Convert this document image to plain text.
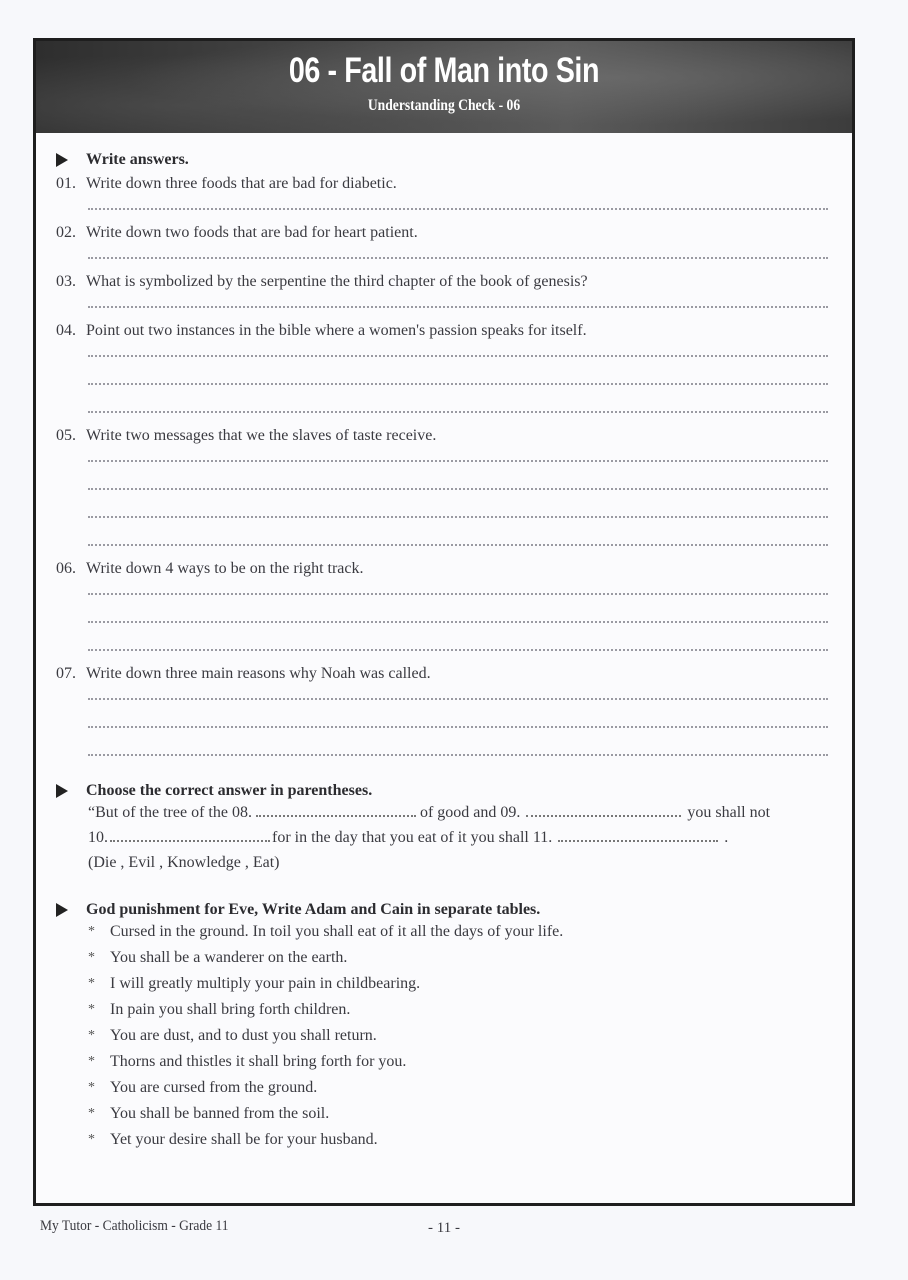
06 - Fall of Man into Sin
Understanding Check - 06
Write answers.
01. Write down three foods that are bad for diabetic.
02. Write down two foods that are bad for heart patient.
03. What is symbolized by the serpentine the third chapter of the book of genesis?
04. Point out two instances in the bible where a women's passion speaks for itself.
05. Write two messages that we the slaves of taste receive.
06. Write down 4 ways to be on the right track.
07. Write down three main reasons why Noah was called.
Choose the correct answer in parentheses.
“But of the tree of the 08.	of good and 09.	you shall not
10.	for in the day that you eat of it you shall 11.	.
(Die , Evil , Knowledge , Eat)
God punishment for Eve, Write Adam and Cain in separate tables.
* Cursed in the ground. In toil you shall eat of it all the days of your life.
* You shall be a wanderer on the earth.
* I will greatly multiply your pain in childbearing.
* In pain you shall bring forth children.
* You are dust, and to dust you shall return.
* Thorns and thistles it shall bring forth for you.
* You are cursed from the ground.
* You shall be banned from the soil.
* Yet your desire shall be for your husband.
My Tutor - Catholicism - Grade 11	- 11 -
